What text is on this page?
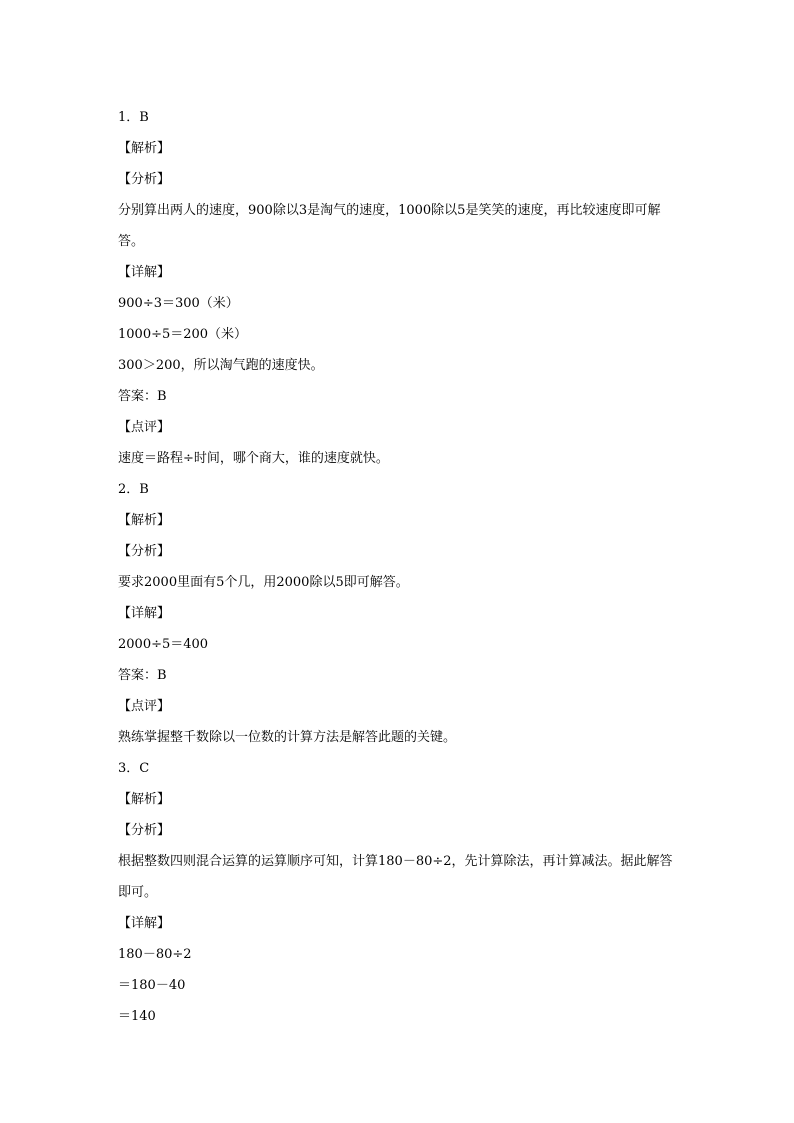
1．B
【解析】
【分析】
分别算出两人的速度，900除以3是淘气的速度，1000除以5是笑笑的速度，再比较速度即可解答。
【详解】
900÷3＝300（米）
1000÷5＝200（米）
300＞200，所以淘气跑的速度快。
答案：B
【点评】
速度＝路程÷时间，哪个商大，谁的速度就快。
2．B
【解析】
【分析】
要求2000里面有5个几，用2000除以5即可解答。
【详解】
2000÷5＝400
答案：B
【点评】
熟练掌握整千数除以一位数的计算方法是解答此题的关键。
3．C
【解析】
【分析】
根据整数四则混合运算的运算顺序可知，计算180－80÷2，先计算除法，再计算减法。据此解答即可。
【详解】
180－80÷2
＝180－40
＝140
